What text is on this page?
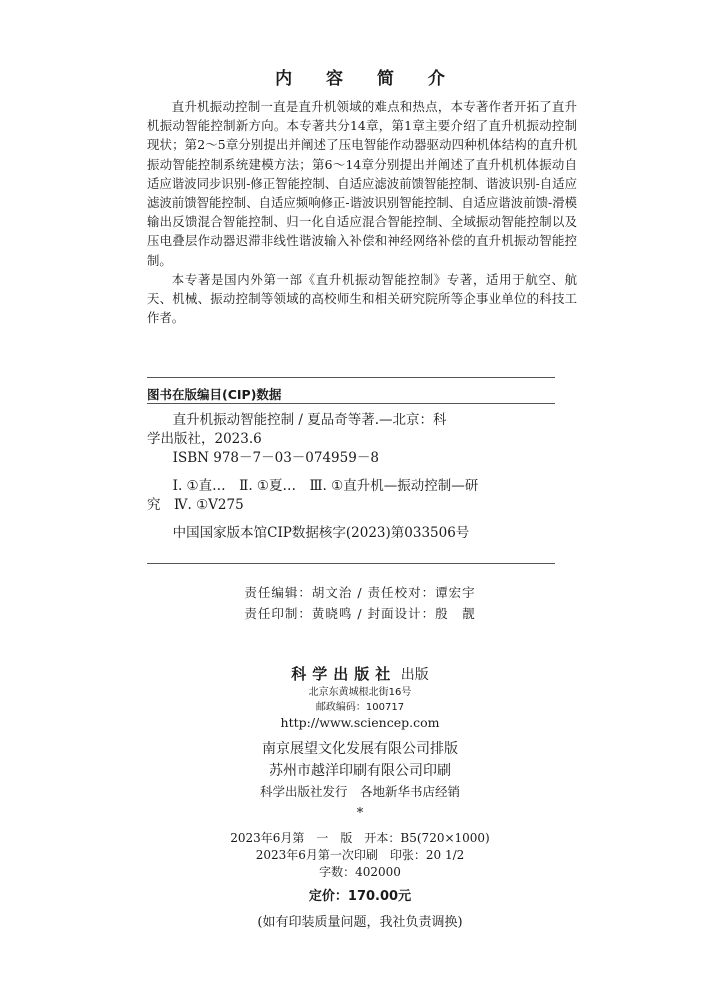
内 容 简 介

直升机振动控制一直是直升机领域的难点和热点，本专著作者开拓了直升机振动智能控制新方向。本专著共分14章，第1章主要介绍了直升机振动控制现状；第2～5章分别提出并阐述了压电智能作动器驱动四种机体结构的直升机振动智能控制系统建模方法；第6～14章分别提出并阐述了直升机机体振动自适应谐波同步识别-修正智能控制、自适应滤波前馈智能控制、谐波识别-自适应滤波前馈智能控制、自适应频响修正-谐波识别智能控制、自适应谐波前馈-滑模输出反馈混合智能控制、归一化自适应混合智能控制、全域振动智能控制以及压电叠层作动器迟滞非线性谐波输入补偿和神经网络补偿的直升机振动智能控制。

本专著是国内外第一部《直升机振动智能控制》专著，适用于航空、航天、机械、振动控制等领域的高校师生和相关研究院所等企事业单位的科技工作者。

图书在版编目(CIP)数据
直升机振动智能控制 / 夏品奇等著.—北京：科
学出版社，2023.6
ISBN 978－7－03－074959－8
Ⅰ. ①直…　Ⅱ. ①夏…　Ⅲ. ①直升机—振动控制—研
究　Ⅳ. ①V275
中国国家版本馆CIP数据核字(2023)第033506号
责任编辑：胡文治 / 责任校对：谭宏宇
责任印制：黄晓鸣 / 封面设计：殷　靓
科学出版社 出版
北京东黄城根北街16号
邮政编码：100717
http://www.sciencep.com
南京展望文化发展有限公司排版
苏州市越洋印刷有限公司印刷
科学出版社发行　各地新华书店经销
*
2023年6月第　一　版　开本：B5(720×1000)
2023年6月第一次印刷　印张：20 1/2
字数：402000
定价：170.00元
(如有印装质量问题，我社负责调换)
